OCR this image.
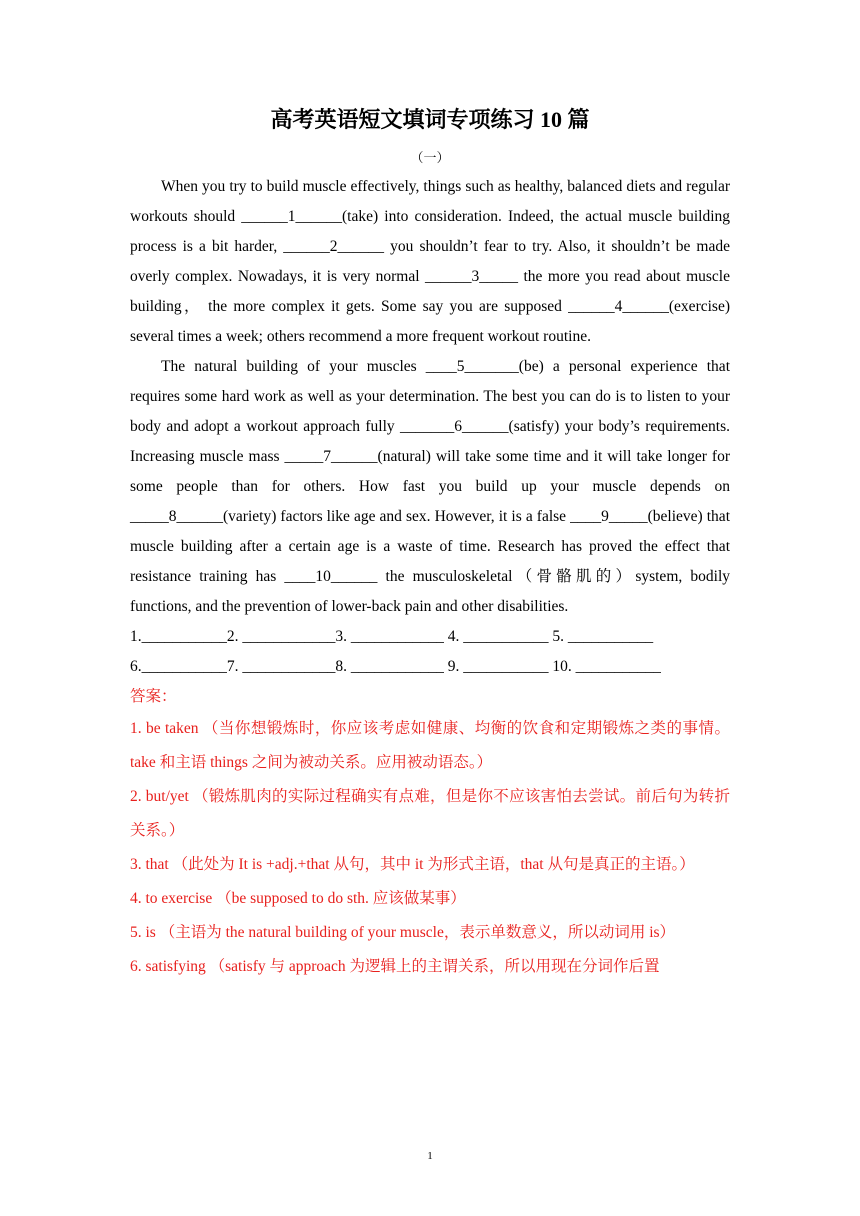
高考英语短文填词专项练习 10 篇
（一）

When you try to build muscle effectively, things such as healthy, balanced diets and regular workouts should ______1______(take) into consideration. Indeed, the actual muscle building process is a bit harder, ______2______ you shouldn’t fear to try. Also, it shouldn’t be made overly complex. Nowadays, it is very normal ______3_____ the more you read about muscle building， the more complex it gets. Some say you are supposed ______4______(exercise) several times a week; others recommend a more frequent workout routine.

The natural building of your muscles ____5_______(be) a personal experience that requires some hard work as well as your determination. The best you can do is to listen to your body and adopt a workout approach fully _______6______(satisfy) your body’s requirements. Increasing muscle mass _____7______(natural) will take some time and it will take longer for some people than for others. How fast you build up your muscle depends on _____8______(variety) factors like age and sex. However, it is a false ____9_____(believe) that muscle building after a certain age is a waste of time. Research has proved the effect that resistance training has ____10______ the musculoskeletal（骨骼肌的）system, bodily functions, and the prevention of lower-back pain and other disabilities.

1.___________2. ____________3. ____________ 4. ___________ 5. ___________

6.___________7. ____________8. ____________ 9. ___________ 10. ___________

答案：

1. be taken （当你想锻炼时，你应该考虑如健康、均衡的饮食和定期锻炼之类的事情。take 和主语 things 之间为被动关系。应用被动语态。）

2. but/yet （锻炼肌肉的实际过程确实有点难，但是你不应该害怕去尝试。前后句为转折关系。）

3. that （此处为 It is +adj.+that 从句，其中 it 为形式主语，that 从句是真正的主语。）

4. to exercise （be supposed to do sth. 应该做某事）

5. is （主语为 the natural building of your muscle，表示单数意义，所以动词用 is）

6. satisfying （satisfy 与 approach 为逻辑上的主谓关系，所以用现在分词作后置

1
